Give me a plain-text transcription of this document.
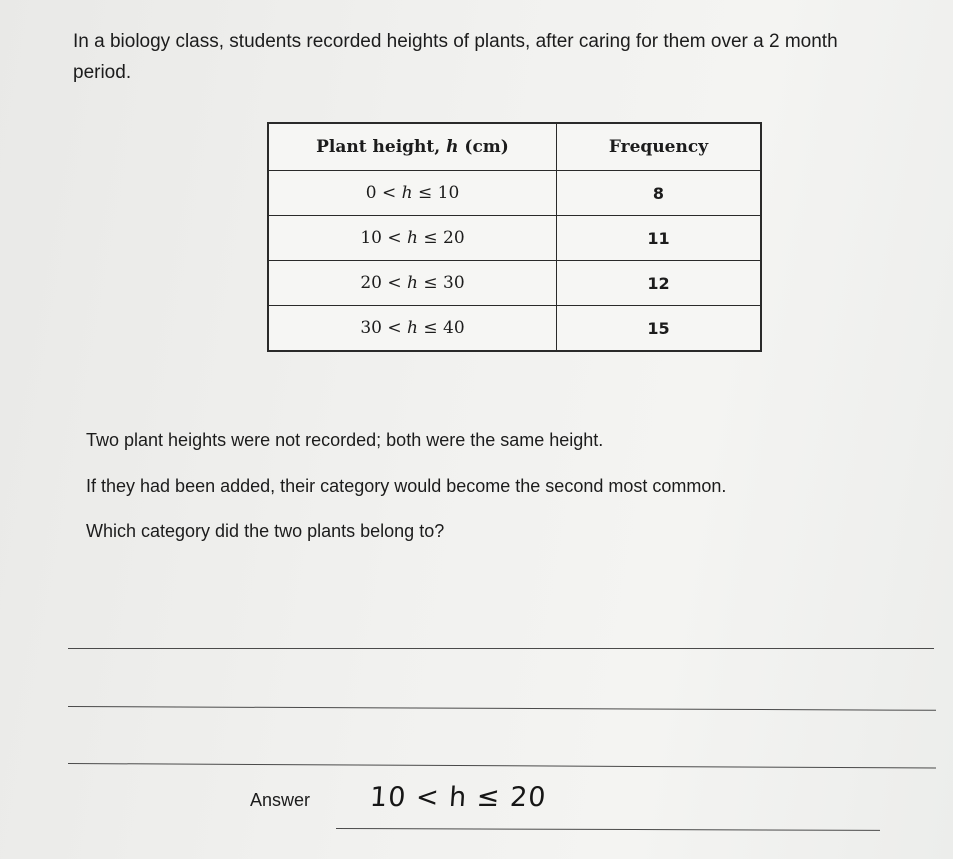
In a biology class, students recorded heights of plants, after caring for them over a 2 month period.

Plant height, h (cm)	Frequency
0 < h ≤ 10	8
10 < h ≤ 20	11
20 < h ≤ 30	12
30 < h ≤ 40	15

Two plant heights were not recorded; both were the same height.

If they had been added, their category would become the second most common.

Which category did the two plants belong to?

Answer 10 < h ≤ 20
